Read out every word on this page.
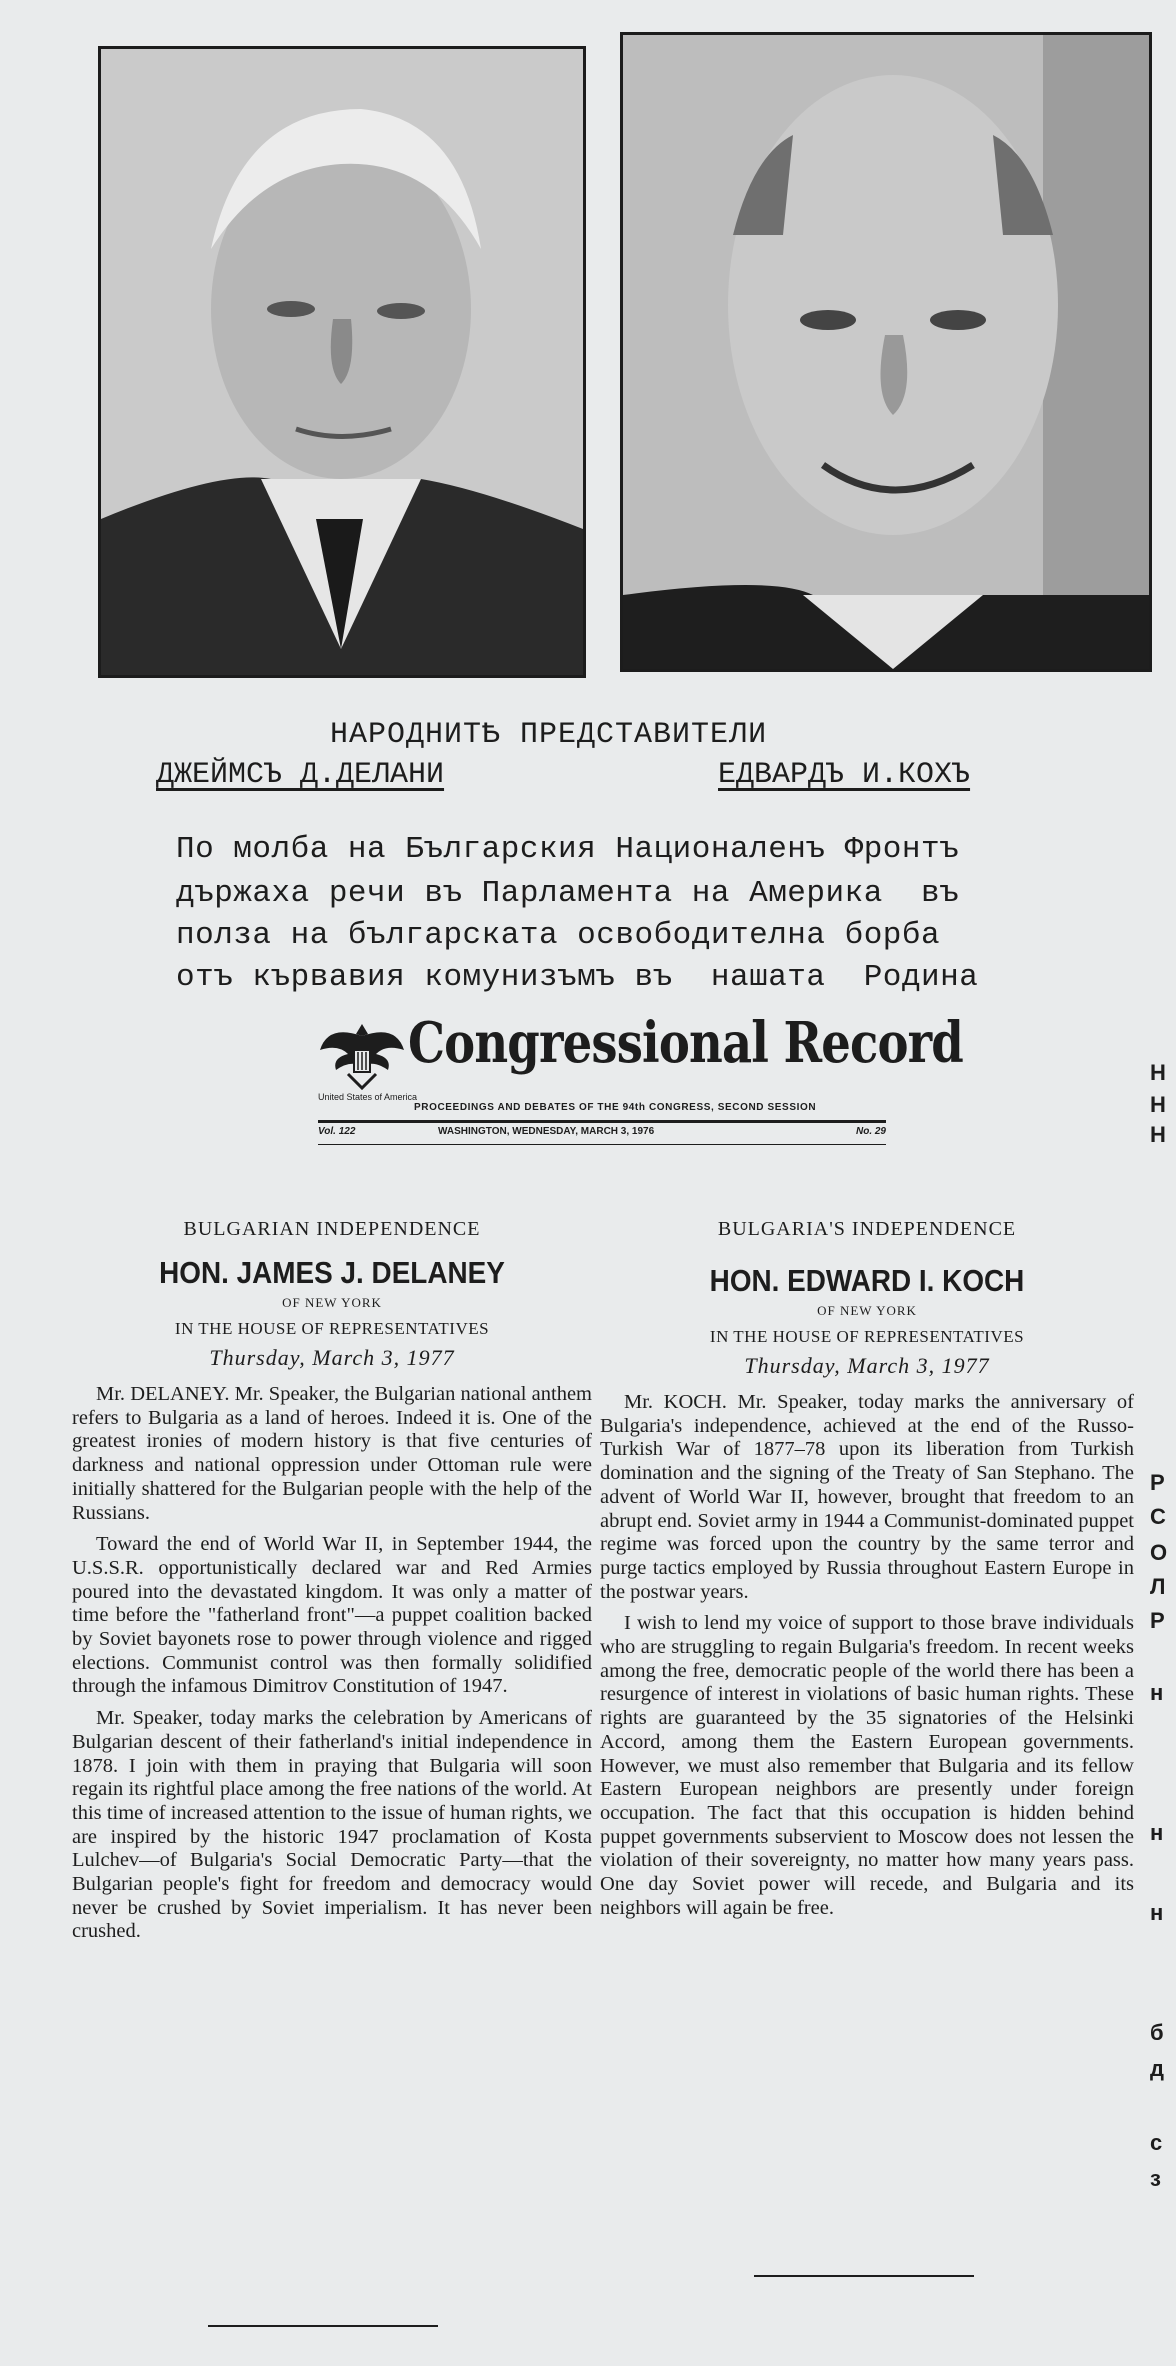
НАРОДНИТѢ ПРЕДСТАВИТЕЛИ
ДЖЕЙМСЪ Д.ДЕЛАНИ	ЕДВАРДЪ И.КОХЪ
По молба на Българския Националенъ Фронтъ
държаха речи въ Парламента на Америка  въ
полза на българската освободителна борба
отъ кървавия комунизъмъ въ  нашата  Родина
Congressional Record
United States of America
PROCEEDINGS AND DEBATES OF THE 94th CONGRESS, SECOND SESSION
Vol. 122	WASHINGTON, WEDNESDAY, MARCH 3, 1976	No. 29
BULGARIAN INDEPENDENCE
HON. JAMES J. DELANEY
OF NEW YORK
IN THE HOUSE OF REPRESENTATIVES
Thursday, March 3, 1977

Mr. DELANEY. Mr. Speaker, the Bulgarian national anthem refers to Bulgaria as a land of heroes. Indeed it is. One of the greatest ironies of modern history is that five centuries of darkness and national oppression under Ottoman rule were initially shattered for the Bulgarian people with the help of the Russians.

Toward the end of World War II, in September 1944, the U.S.S.R. opportunistically declared war and Red Armies poured into the devastated kingdom. It was only a matter of time before the "fatherland front"—a puppet coalition backed by Soviet bayonets rose to power through violence and rigged elections. Communist control was then formally solidified through the infamous Dimitrov Constitution of 1947.

Mr. Speaker, today marks the celebration by Americans of Bulgarian descent of their fatherland's initial independence in 1878. I join with them in praying that Bulgaria will soon regain its rightful place among the free nations of the world. At this time of increased attention to the issue of human rights, we are inspired by the historic 1947 proclamation of Kosta Lulchev—of Bulgaria's Social Democratic Party—that the Bulgarian people's fight for freedom and democracy would never be crushed by Soviet imperialism. It has never been crushed.

BULGARIA'S INDEPENDENCE
HON. EDWARD I. KOCH
OF NEW YORK
IN THE HOUSE OF REPRESENTATIVES
Thursday, March 3, 1977

Mr. KOCH. Mr. Speaker, today marks the anniversary of Bulgaria's independence, achieved at the end of the Russo-Turkish War of 1877–78 upon its liberation from Turkish domination and the signing of the Treaty of San Stephano. The advent of World War II, however, brought that freedom to an abrupt end. Soviet army in 1944 a Communist-dominated puppet regime was forced upon the country by the same terror and purge tactics employed by Russia throughout Eastern Europe in the postwar years.

I wish to lend my voice of support to those brave individuals who are struggling to regain Bulgaria's freedom. In recent weeks among the free, democratic people of the world there has been a resurgence of interest in violations of basic human rights. These rights are guaranteed by the 35 signatories of the Helsinki Accord, among them the Eastern European governments. However, we must also remember that Bulgaria and its fellow Eastern European neighbors are presently under foreign occupation. The fact that this occupation is hidden behind puppet governments subservient to Moscow does not lessen the violation of their sovereignty, no matter how many years pass. One day Soviet power will recede, and Bulgaria and its neighbors will again be free.

Н
Н
Н
Р
С
О
Л
Р
н
н
н
б
д
с
з
